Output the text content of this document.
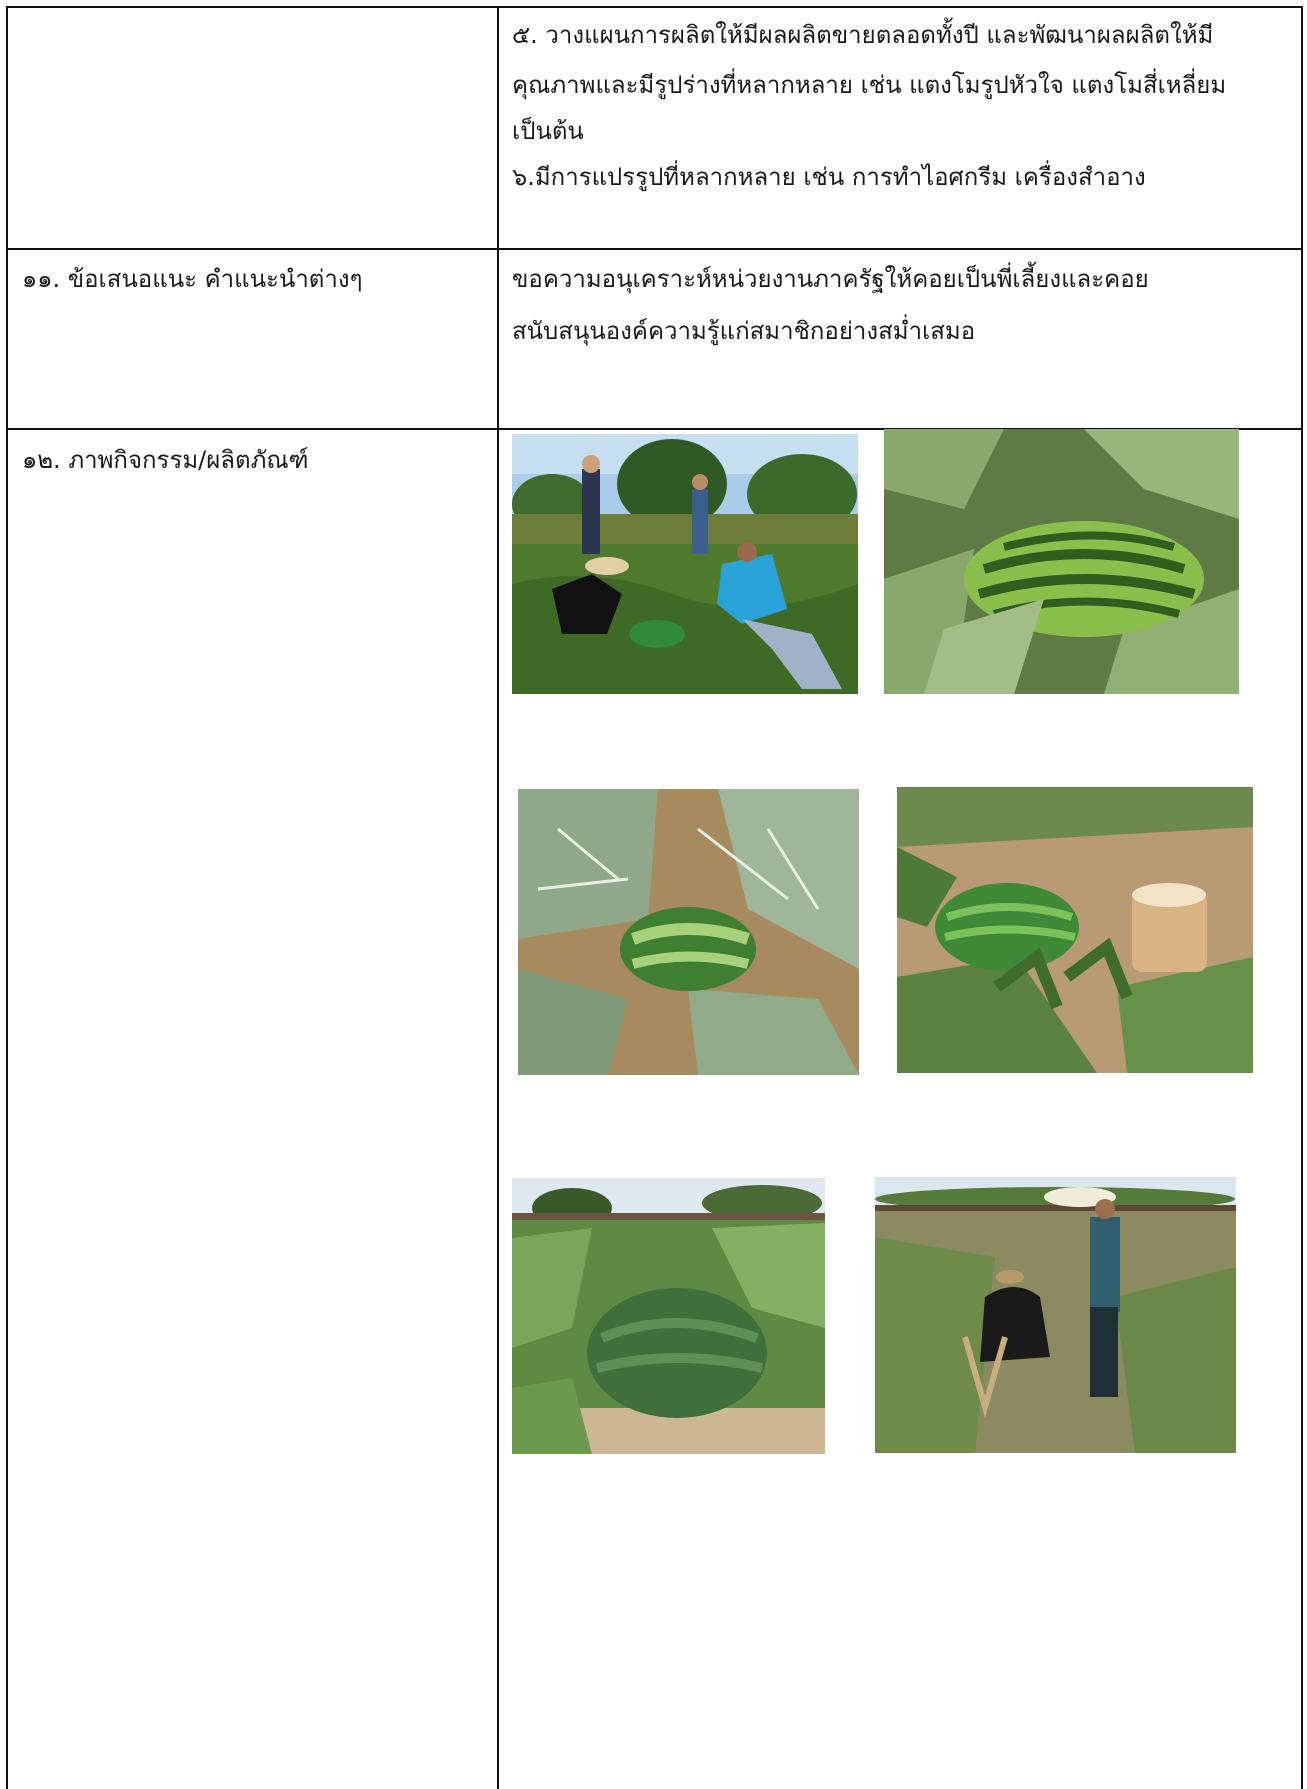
๕. วางแผนการผลิตให้มีผลผลิตขายตลอดทั้งปี และพัฒนาผลผลิตให้มี
คุณภาพและมีรูปร่างที่หลากหลาย เช่น แตงโมรูปหัวใจ แตงโมสี่เหลี่ยม
เป็นต้น
๖.มีการแปรรูปที่หลากหลาย เช่น การทำไอศกรีม เครื่องสำอาง
๑๑. ข้อเสนอแนะ คำแนะนำต่างๆ	ขอความอนุเคราะห์หน่วยงานภาครัฐให้คอยเป็นพี่เลี้ยงและคอย
สนับสนุนองค์ความรู้แก่สมาชิกอย่างสม่ำเสมอ
๑๒. ภาพกิจกรรม/ผลิตภัณฑ์
